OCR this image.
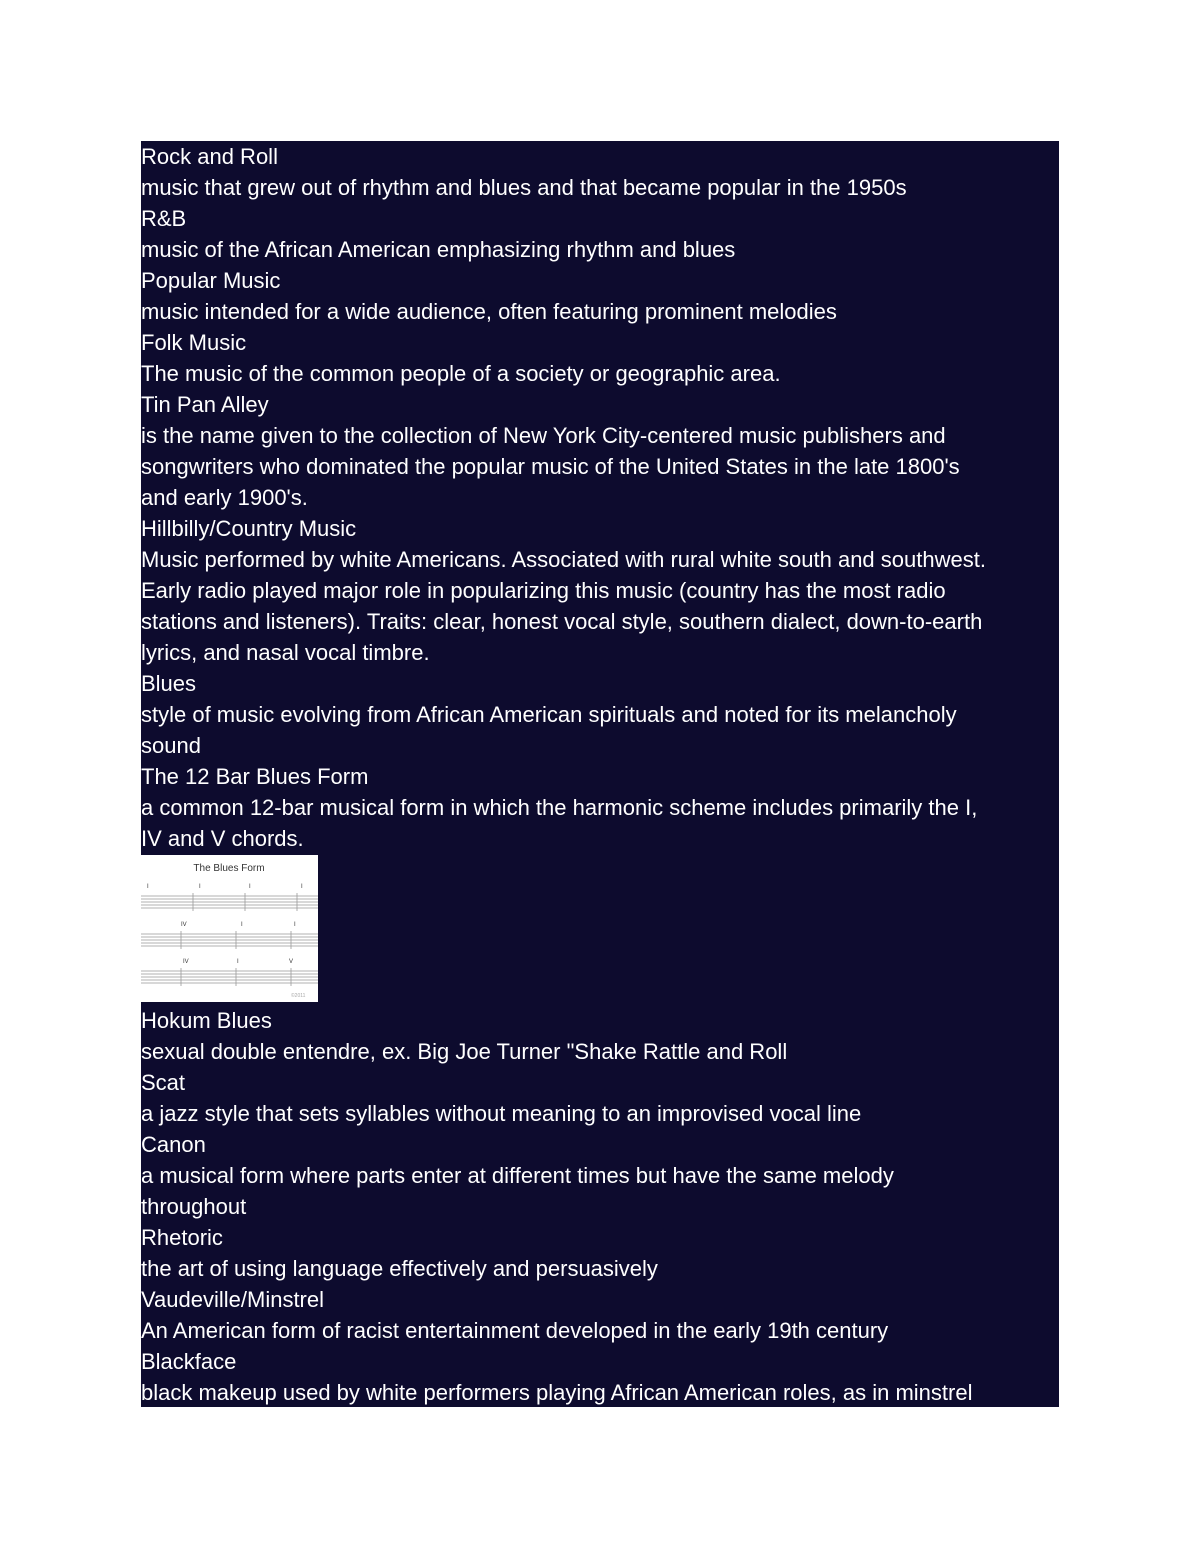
Rock and Roll
music that grew out of rhythm and blues and that became popular in the 1950s
R&B
music of the African American emphasizing rhythm and blues
Popular Music
music intended for a wide audience, often featuring prominent melodies
Folk Music
The music of the common people of a society or geographic area.
Tin Pan Alley
is the name given to the collection of New York City-centered music publishers and
songwriters who dominated the popular music of the United States in the late 1800's
and early 1900's.
Hillbilly/Country Music
Music performed by white Americans. Associated with rural white south and southwest.
Early radio played major role in popularizing this music (country has the most radio
stations and listeners). Traits: clear, honest vocal style, southern dialect, down-to-earth
lyrics, and nasal vocal timbre.
Blues
style of music evolving from African American spirituals and noted for its melancholy
sound
The 12 Bar Blues Form
a common 12-bar musical form in which the harmonic scheme includes primarily the I,
IV and V chords.
The Blues Form
I	I	I	I
IV	I	I
IV	I	V
©2011
Hokum Blues
sexual double entendre, ex. Big Joe Turner "Shake Rattle and Roll
Scat
a jazz style that sets syllables without meaning to an improvised vocal line
Canon
a musical form where parts enter at different times but have the same melody
throughout
Rhetoric
the art of using language effectively and persuasively
Vaudeville/Minstrel
An American form of racist entertainment developed in the early 19th century
Blackface
black makeup used by white performers playing African American roles, as in minstrel
